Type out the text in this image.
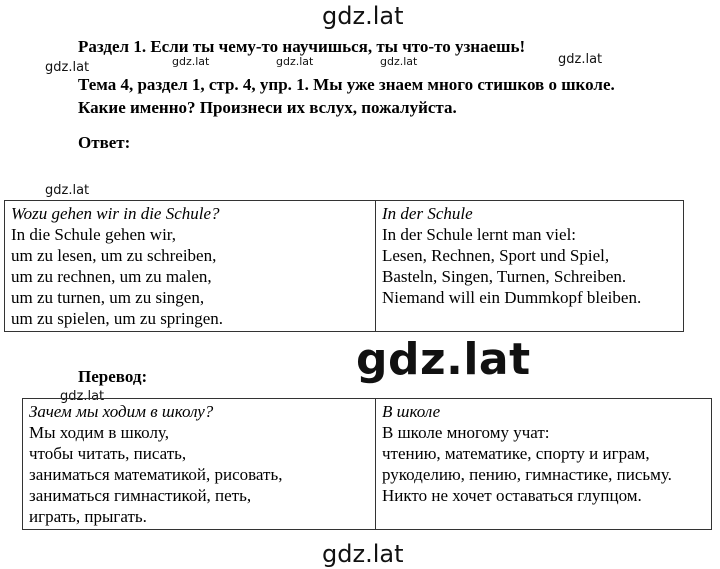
gdz.lat
gdz.lat	gdz.lat	gdz.lat	gdz.lat	gdz.lat
Раздел 1. Если ты чему-то научишься, ты что-то узнаешь!
Тема 4, раздел 1, стр. 4, упр. 1. Мы уже знаем много стишков о школе.
Какие именно? Произнеси их вслух, пожалуйста.
Ответ:
gdz.lat
Wozu gehen wir in die Schule?
In die Schule gehen wir,
um zu lesen, um zu schreiben,
um zu rechnen, um zu malen,
um zu turnen, um zu singen,
um zu spielen, um zu springen.

In der Schule
In der Schule lernt man viel:
Lesen, Rechnen, Sport und Spiel,
Basteln, Singen, Turnen, Schreiben.
Niemand will ein Dummkopf bleiben.
Перевод:	gdz.lat
gdz.lat
Зачем мы ходим в школу?
Мы ходим в школу,
чтобы читать, писать,
заниматься математикой, рисовать,
заниматься гимнастикой, петь,
играть, прыгать.

В школе
В школе многому учат:
чтению, математике, спорту и играм,
рукоделию, пению, гимнастике, письму.
Никто не хочет оставаться глупцом.
gdz.lat
